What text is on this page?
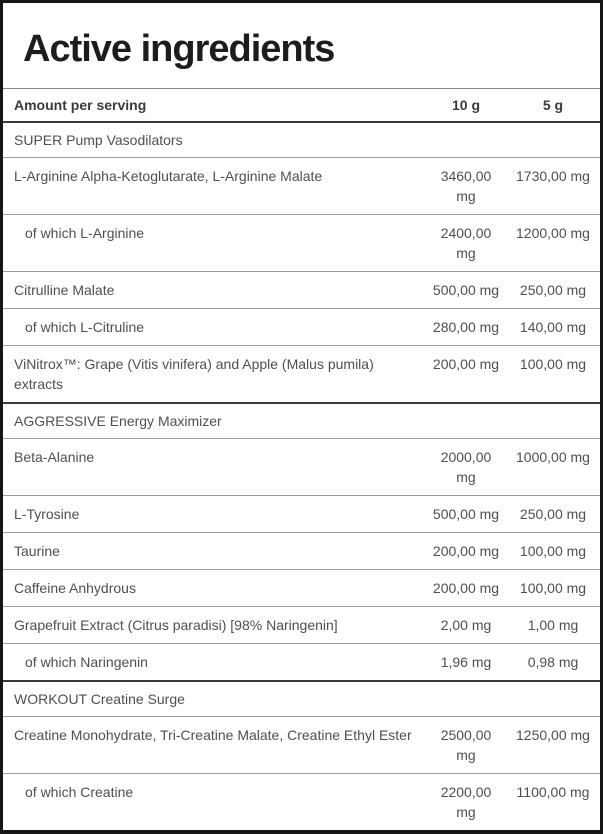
Active ingredients
Amount per serving	10 g	5 g
SUPER Pump Vasodilators		
L-Arginine Alpha-Ketoglutarate, L-Arginine Malate	3460,00 mg	1730,00 mg
of which L-Arginine	2400,00 mg	1200,00 mg
Citrulline Malate	500,00 mg	250,00 mg
of which L-Citruline	280,00 mg	140,00 mg
ViNitrox™: Grape (Vitis vinifera) and Apple (Malus pumila) extracts	200,00 mg	100,00 mg
AGGRESSIVE Energy Maximizer		
Beta-Alanine	2000,00 mg	1000,00 mg
L-Tyrosine	500,00 mg	250,00 mg
Taurine	200,00 mg	100,00 mg
Caffeine Anhydrous	200,00 mg	100,00 mg
Grapefruit Extract (Citrus paradisi) [98% Naringenin]	2,00 mg	1,00 mg
of which Naringenin	1,96 mg	0,98 mg
WORKOUT Creatine Surge		
Creatine Monohydrate, Tri-Creatine Malate, Creatine Ethyl Ester	2500,00 mg	1250,00 mg
of which Creatine	2200,00 mg	1100,00 mg
